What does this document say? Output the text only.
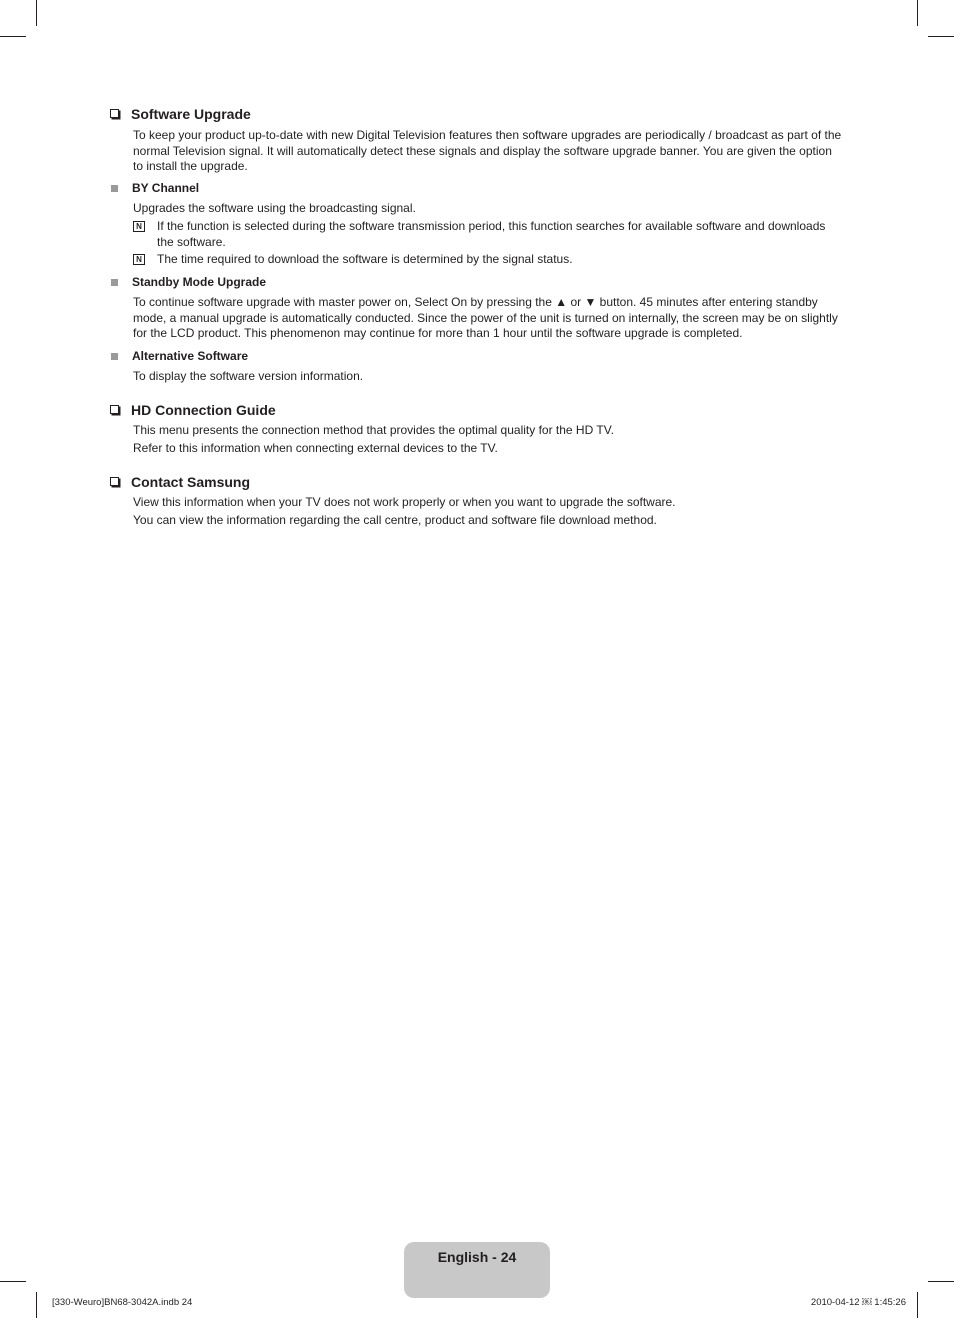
Software Upgrade
To keep your product up-to-date with new Digital Television features then software upgrades are periodically / broadcast as part of the normal Television signal. It will automatically detect these signals and display the software upgrade banner. You are given the option to install the upgrade.
BY Channel
Upgrades the software using the broadcasting signal.
N If the function is selected during the software transmission period, this function searches for available software and downloads the software.
N The time required to download the software is determined by the signal status.
Standby Mode Upgrade
To continue software upgrade with master power on, Select On by pressing the ▲ or ▼ button. 45 minutes after entering standby mode, a manual upgrade is automatically conducted. Since the power of the unit is turned on internally, the screen may be on slightly for the LCD product. This phenomenon may continue for more than 1 hour until the software upgrade is completed.
Alternative Software
To display the software version information.
HD Connection Guide
This menu presents the connection method that provides the optimal quality for the HD TV.
Refer to this information when connecting external devices to the TV.
Contact Samsung
View this information when your TV does not work properly or when you want to upgrade the software.
You can view the information regarding the call centre, product and software file download method.
English - 24
[330-Weuro]BN68-3042A.indb 24	2010-04-12 ￼ 1:45:26
